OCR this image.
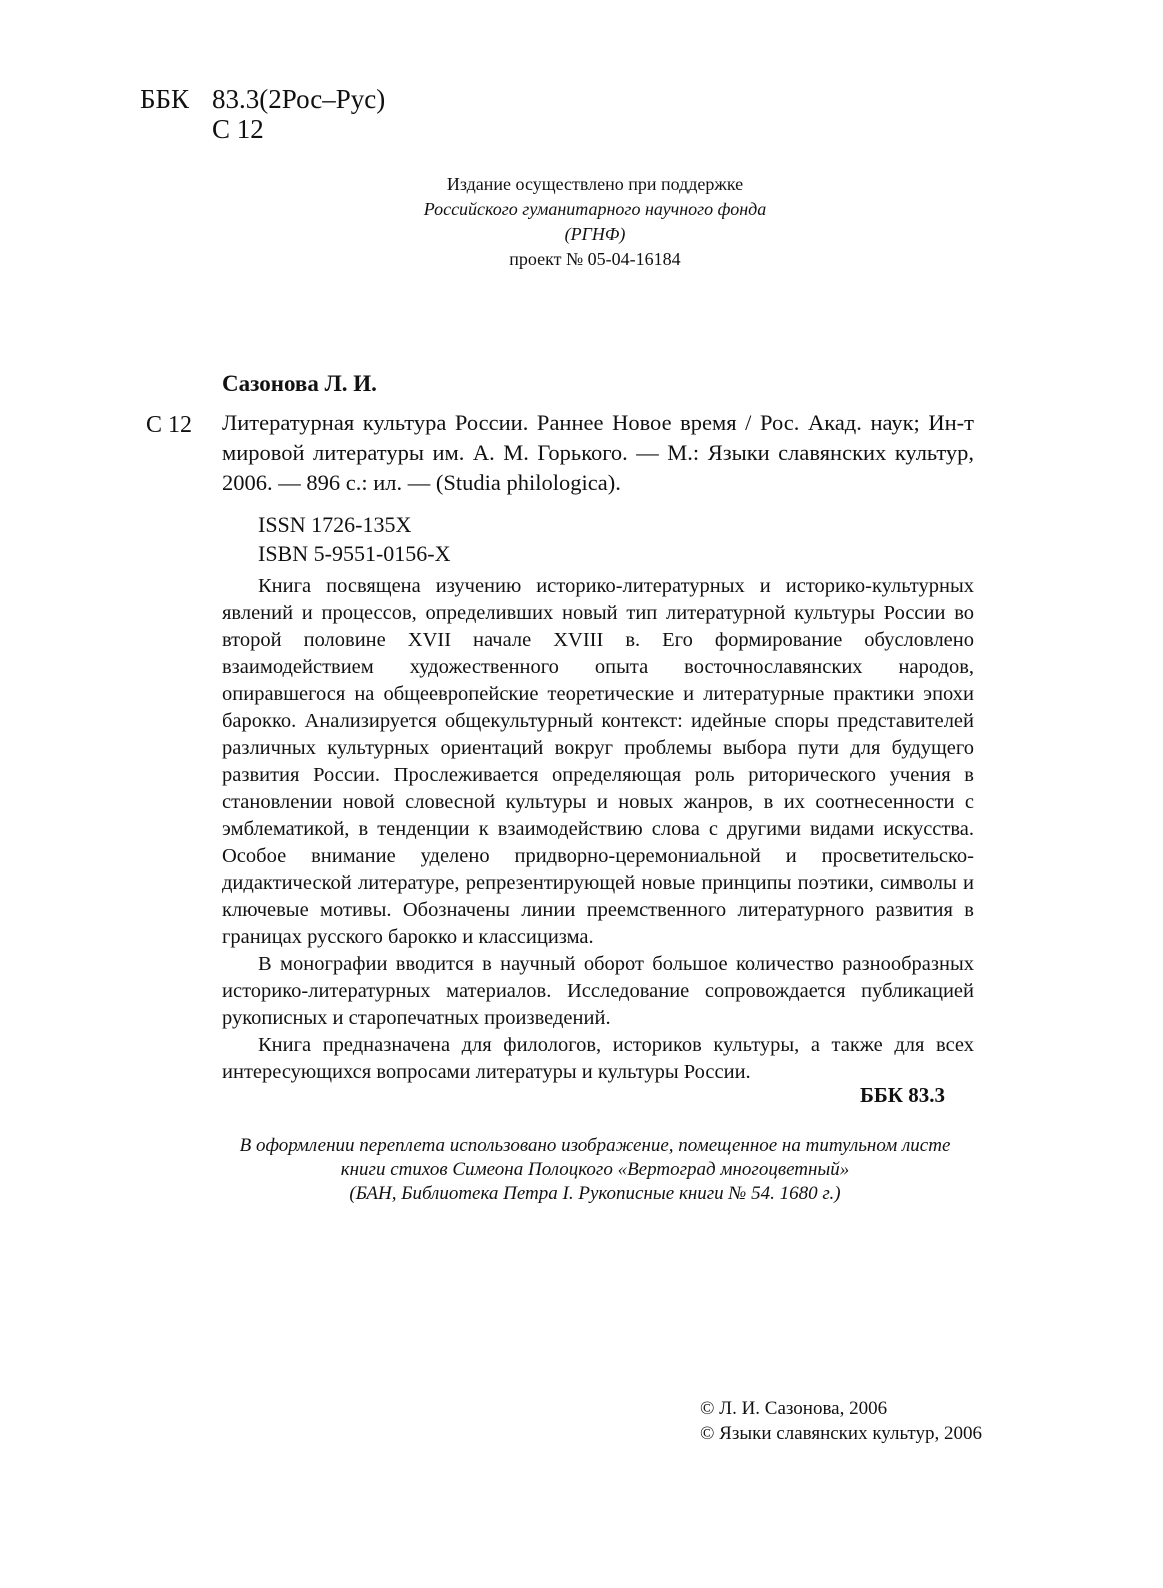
ББК 83.3(2Рос–Рус)
С 12
Издание осуществлено при поддержке
Российского гуманитарного научного фонда
(РГНФ)
проект № 05-04-16184
Сазонова Л. И.
С 12 Литературная культура России. Раннее Новое время / Рос. Акад. наук; Ин-т мировой литературы им. А. М. Горького. — М.: Языки славянских культур, 2006. — 896 с.: ил. — (Studia philologica).

ISSN 1726-135X
ISBN 5-9551-0156-X

Книга посвящена изучению историко-литературных и историко-культурных явлений и процессов, определивших новый тип литературной культуры России во второй половине XVII начале XVIII в. Его формирование обусловлено взаимодействием художественного опыта восточнославянских народов, опиравшегося на общеевропейские теоретические и литературные практики эпохи барокко. Анализируется общекультурный контекст: идейные споры представителей различных культурных ориентаций вокруг проблемы выбора пути для будущего развития России. Прослеживается определяющая роль риторического учения в становлении новой словесной культуры и новых жанров, в их соотнесенности с эмблематикой, в тенденции к взаимодействию слова с другими видами искусства. Особое внимание уделено придворно-церемониальной и просветительско-дидактической литературе, репрезентирующей новые принципы поэтики, символы и ключевые мотивы. Обозначены линии преемственного литературного развития в границах русского барокко и классицизма.

В монографии вводится в научный оборот большое количество разнообразных историко-литературных материалов. Исследование сопровождается публикацией рукописных и старопечатных произведений.

Книга предназначена для филологов, историков культуры, а также для всех интересующихся вопросами литературы и культуры России.

ББК 83.3
В оформлении переплета использовано изображение, помещенное на титульном листе
книги стихов Симеона Полоцкого «Вертоград многоцветный»
(БАН, Библиотека Петра I. Рукописные книги № 54. 1680 г.)
© Л. И. Сазонова, 2006
© Языки славянских культур, 2006
